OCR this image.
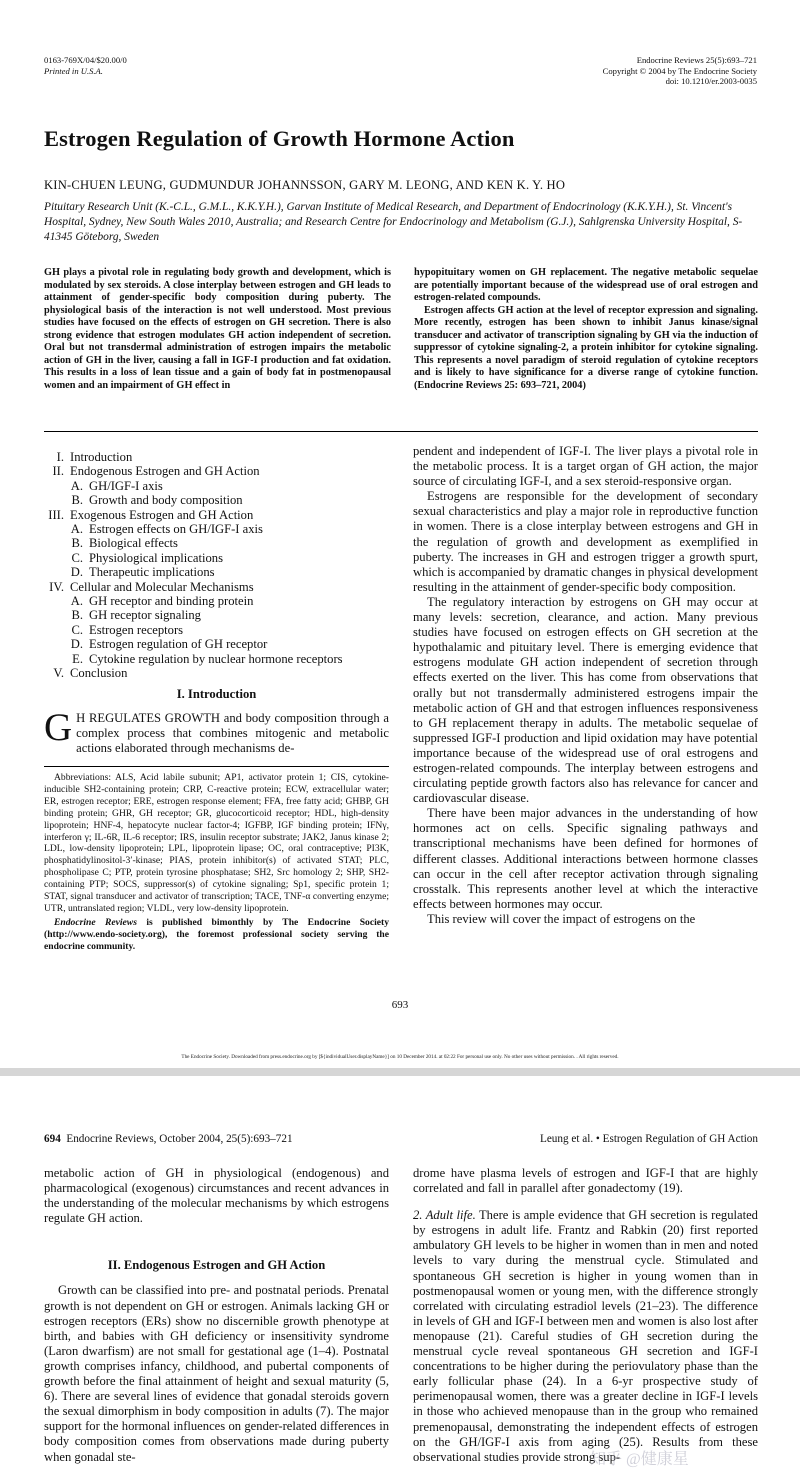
0163-769X/04/$20.00/0
Printed in U.S.A.
Endocrine Reviews 25(5):693–721
Copyright © 2004 by The Endocrine Society
doi: 10.1210/er.2003-0035
Estrogen Regulation of Growth Hormone Action
KIN-CHUEN LEUNG, GUDMUNDUR JOHANNSSON, GARY M. LEONG, AND KEN K. Y. HO
Pituitary Research Unit (K.-C.L., G.M.L., K.K.Y.H.), Garvan Institute of Medical Research, and Department of Endocrinology (K.K.Y.H.), St. Vincent's Hospital, Sydney, New South Wales 2010, Australia; and Research Centre for Endocrinology and Metabolism (G.J.), Sahlgrenska University Hospital, S-41345 Göteborg, Sweden

GH plays a pivotal role in regulating body growth and development, which is modulated by sex steroids. A close interplay between estrogen and GH leads to attainment of gender-specific body composition during puberty. The physiological basis of the interaction is not well understood. Most previous studies have focused on the effects of estrogen on GH secretion. There is also strong evidence that estrogen modulates GH action independent of secretion. Oral but not transdermal administration of estrogen impairs the metabolic action of GH in the liver, causing a fall in IGF-I production and fat oxidation. This results in a loss of lean tissue and a gain of body fat in postmenopausal women and an impairment of GH effect in

hypopituitary women on GH replacement. The negative metabolic sequelae are potentially important because of the widespread use of oral estrogen and estrogen-related compounds.

Estrogen affects GH action at the level of receptor expression and signaling. More recently, estrogen has been shown to inhibit Janus kinase/signal transducer and activator of transcription signaling by GH via the induction of suppressor of cytokine signaling-2, a protein inhibitor for cytokine signaling. This represents a novel paradigm of steroid regulation of cytokine receptors and is likely to have significance for a diverse range of cytokine function. (Endocrine Reviews 25: 693–721, 2004)

I. Introduction
II. Endogenous Estrogen and GH Action
A. GH/IGF-I axis
B. Growth and body composition
III. Exogenous Estrogen and GH Action
A. Estrogen effects on GH/IGF-I axis
B. Biological effects
C. Physiological implications
D. Therapeutic implications
IV. Cellular and Molecular Mechanisms
A. GH receptor and binding protein
B. GH receptor signaling
C. Estrogen receptors
D. Estrogen regulation of GH receptor
E. Cytokine regulation by nuclear hormone receptors
V. Conclusion
I. Introduction
G H REGULATES GROWTH and body composition through a complex process that combines mitogenic and metabolic actions elaborated through mechanisms de-

Abbreviations: ALS, Acid labile subunit; AP1, activator protein 1; CIS, cytokine-inducible SH2-containing protein; CRP, C-reactive protein; ECW, extracellular water; ER, estrogen receptor; ERE, estrogen response element; FFA, free fatty acid; GHBP, GH binding protein; GHR, GH receptor; GR, glucocorticoid receptor; HDL, high-density lipoprotein; HNF-4, hepatocyte nuclear factor-4; IGFBP, IGF binding protein; IFNγ, interferon γ; IL-6R, IL-6 receptor; IRS, insulin receptor substrate; JAK2, Janus kinase 2; LDL, low-density lipoprotein; LPL, lipoprotein lipase; OC, oral contraceptive; PI3K, phosphatidylinositol-3′-kinase; PIAS, protein inhibitor(s) of activated STAT; PLC, phospholipase C; PTP, protein tyrosine phosphatase; SH2, Src homology 2; SHP, SH2-containing PTP; SOCS, suppressor(s) of cytokine signaling; Sp1, specific protein 1; STAT, signal transducer and activator of transcription; TACE, TNF-α converting enzyme; UTR, untranslated region; VLDL, very low-density lipoprotein.

Endocrine Reviews is published bimonthly by The Endocrine Society (http://www.endo-society.org), the foremost professional society serving the endocrine community.

pendent and independent of IGF-I. The liver plays a pivotal role in the metabolic process. It is a target organ of GH action, the major source of circulating IGF-I, and a sex steroid-responsive organ.

Estrogens are responsible for the development of secondary sexual characteristics and play a major role in reproductive function in women. There is a close interplay between estrogens and GH in the regulation of growth and development as exemplified in puberty. The increases in GH and estrogen trigger a growth spurt, which is accompanied by dramatic changes in physical development resulting in the attainment of gender-specific body composition.

The regulatory interaction by estrogens on GH may occur at many levels: secretion, clearance, and action. Many previous studies have focused on estrogen effects on GH secretion at the hypothalamic and pituitary level. There is emerging evidence that estrogens modulate GH action independent of secretion through effects exerted on the liver. This has come from observations that orally but not transdermally administered estrogens impair the metabolic action of GH and that estrogen influences responsiveness to GH replacement therapy in adults. The metabolic sequelae of suppressed IGF-I production and lipid oxidation may have potential importance because of the widespread use of oral estrogens and estrogen-related compounds. The interplay between estrogens and circulating peptide growth factors also has relevance for cancer and cardiovascular disease.

There have been major advances in the understanding of how hormones act on cells. Specific signaling pathways and transcriptional mechanisms have been defined for hormones of different classes. Additional interactions between hormone classes can occur in the cell after receptor activation through signaling crosstalk. This represents another level at which the interactive effects between hormones may occur.

This review will cover the impact of estrogens on the

693
The Endocrine Society. Downloaded from press.endocrine.org by [${individualUser.displayName}] on 10 December 2014. at 02:22 For personal use only. No other uses without permission. . All rights reserved.
694 Endocrine Reviews, October 2004, 25(5):693–721	Leung et al. • Estrogen Regulation of GH Action

metabolic action of GH in physiological (endogenous) and pharmacological (exogenous) circumstances and recent advances in the understanding of the molecular mechanisms by which estrogens regulate GH action.

II. Endogenous Estrogen and GH Action

Growth can be classified into pre- and postnatal periods. Prenatal growth is not dependent on GH or estrogen. Animals lacking GH or estrogen receptors (ERs) show no discernible growth phenotype at birth, and babies with GH deficiency or insensitivity syndrome (Laron dwarfism) are not small for gestational age (1–4). Postnatal growth comprises infancy, childhood, and pubertal components of growth before the final attainment of height and sexual maturity (5, 6). There are several lines of evidence that gonadal steroids govern the sexual dimorphism in body composition in adults (7). The major support for the hormonal influences on gender-related differences in body composition comes from observations made during puberty when gonadal ste-

drome have plasma levels of estrogen and IGF-I that are highly correlated and fall in parallel after gonadectomy (19).

2. Adult life. There is ample evidence that GH secretion is regulated by estrogens in adult life. Frantz and Rabkin (20) first reported ambulatory GH levels to be higher in women than in men and noted levels to vary during the menstrual cycle. Stimulated and spontaneous GH secretion is higher in young women than in postmenopausal women or young men, with the difference strongly correlated with circulating estradiol levels (21–23). The difference in levels of GH and IGF-I between men and women is also lost after menopause (21). Careful studies of GH secretion during the menstrual cycle reveal spontaneous GH secretion and IGF-I concentrations to be higher during the periovulatory phase than the early follicular phase (24). In a 6-yr prospective study of perimenopausal women, there was a greater decline in IGF-I levels in those who achieved menopause than in the group who remained premenopausal, demonstrating the independent effects of estrogen on the GH/IGF-I axis from aging (25). Results from these observational studies provide strong sup-

知乎 @健康星
